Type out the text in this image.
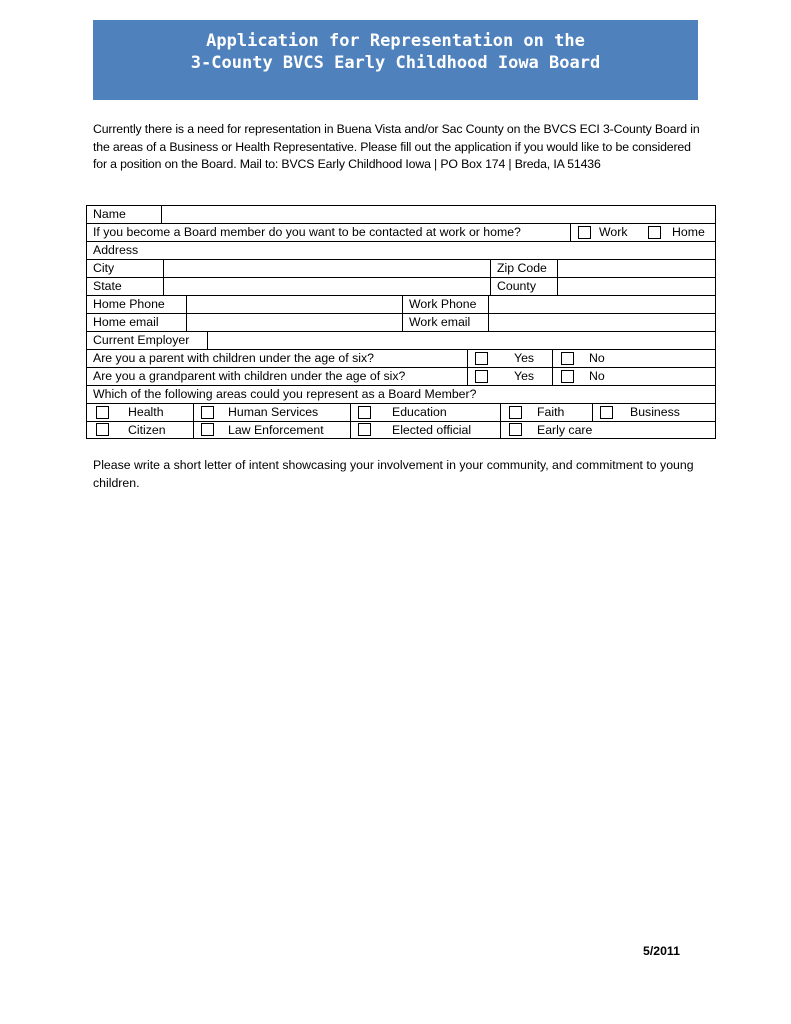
Application for Representation on the
3-County BVCS Early Childhood Iowa Board
Currently there is a need for representation in Buena Vista and/or Sac County on the BVCS ECI 3-County Board in the areas of a Business or Health Representative. Please fill out the application if you would like to be considered for a position on the Board. Mail to: BVCS Early Childhood Iowa | PO Box 174 | Breda, IA 51436
Name
If you become a Board member do you want to be contacted at work or home?	Work	Home
Address
City	Zip Code
State	County
Home Phone	Work Phone
Home email	Work email
Current Employer
Are you a parent with children under the age of six?	Yes	No
Are you a grandparent with children under the age of six?	Yes	No
Which of the following areas could you represent as a Board Member?
Health	Human Services	Education	Faith	Business
Citizen	Law Enforcement	Elected official	Early care
Please write a short letter of intent showcasing your involvement in your community, and commitment to young children.
5/2011
